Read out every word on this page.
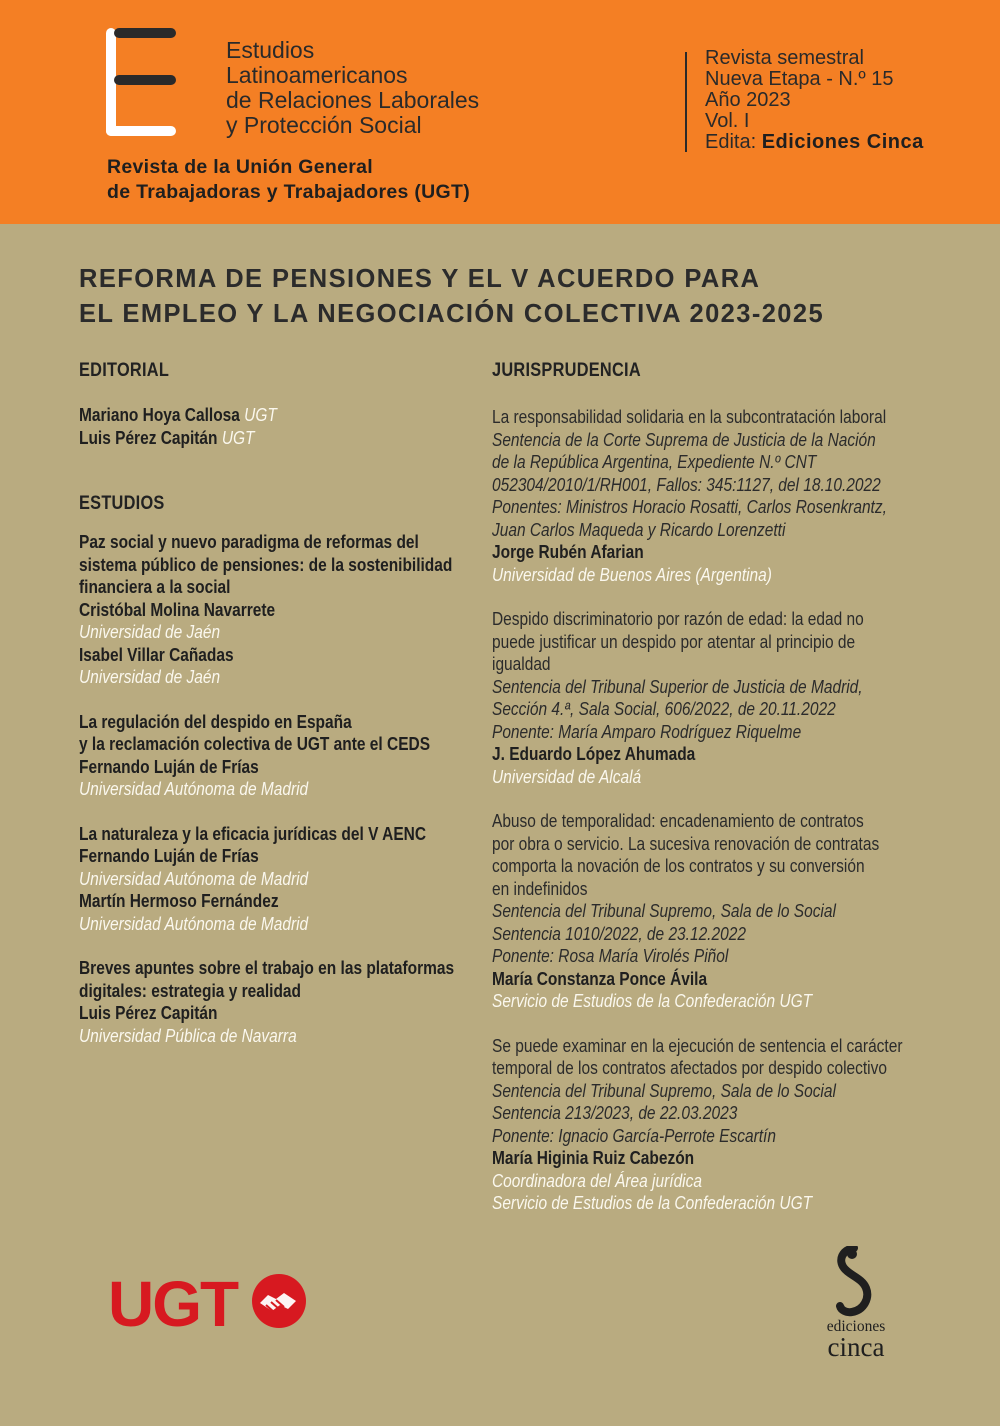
Estudios
Latinoamericanos
de Relaciones Laborales
y Protección Social
Revista de la Unión General
de Trabajadoras y Trabajadores (UGT)
Revista semestral
Nueva Etapa - N.º 15
Año 2023
Vol. I
Edita: Ediciones Cinca
REFORMA DE PENSIONES Y EL V ACUERDO PARA
EL EMPLEO Y LA NEGOCIACIÓN COLECTIVA 2023-2025
EDITORIAL
Mariano Hoya Callosa UGT
Luis Pérez Capitán UGT
ESTUDIOS
Paz social y nuevo paradigma de reformas del
sistema público de pensiones: de la sostenibilidad
financiera a la social
Cristóbal Molina Navarrete
Universidad de Jaén
Isabel Villar Cañadas
Universidad de Jaén
La regulación del despido en España
y la reclamación colectiva de UGT ante el CEDS
Fernando Luján de Frías
Universidad Autónoma de Madrid
La naturaleza y la eficacia jurídicas del V AENC
Fernando Luján de Frías
Universidad Autónoma de Madrid
Martín Hermoso Fernández
Universidad Autónoma de Madrid
Breves apuntes sobre el trabajo en las plataformas
digitales: estrategia y realidad
Luis Pérez Capitán
Universidad Pública de Navarra
JURISPRUDENCIA
La responsabilidad solidaria en la subcontratación laboral
Sentencia de la Corte Suprema de Justicia de la Nación
de la República Argentina, Expediente N.º CNT
052304/2010/1/RH001, Fallos: 345:1127, del 18.10.2022
Ponentes: Ministros Horacio Rosatti, Carlos Rosenkrantz,
Juan Carlos Maqueda y Ricardo Lorenzetti
Jorge Rubén Afarian
Universidad de Buenos Aires (Argentina)
Despido discriminatorio por razón de edad: la edad no
puede justificar un despido por atentar al principio de
igualdad
Sentencia del Tribunal Superior de Justicia de Madrid,
Sección 4.ª, Sala Social, 606/2022, de 20.11.2022
Ponente: María Amparo Rodríguez Riquelme
J. Eduardo López Ahumada
Universidad de Alcalá
Abuso de temporalidad: encadenamiento de contratos
por obra o servicio. La sucesiva renovación de contratas
comporta la novación de los contratos y su conversión
en indefinidos
Sentencia del Tribunal Supremo, Sala de lo Social
Sentencia 1010/2022, de 23.12.2022
Ponente: Rosa María Virolés Piñol
María Constanza Ponce Ávila
Servicio de Estudios de la Confederación UGT
Se puede examinar en la ejecución de sentencia el carácter
temporal de los contratos afectados por despido colectivo
Sentencia del Tribunal Supremo, Sala de lo Social
Sentencia 213/2023, de 22.03.2023
Ponente: Ignacio García-Perrote Escartín
María Higinia Ruiz Cabezón
Coordinadora del Área jurídica
Servicio de Estudios de la Confederación UGT
UGT	ediciones
cinca
